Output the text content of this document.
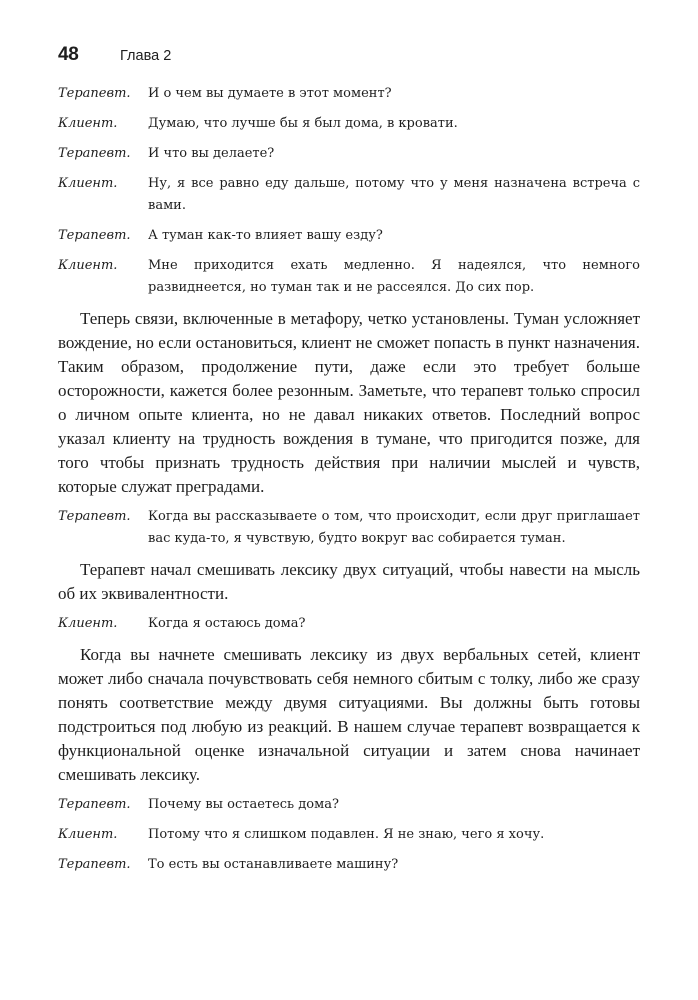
48	Глава 2
Терапевт.	И о чем вы думаете в этот момент?
Клиент.	Думаю, что лучше бы я был дома, в кровати.
Терапевт.	И что вы делаете?
Клиент.	Ну, я все равно еду дальше, потому что у меня назначена встреча с вами.
Терапевт.	А туман как-то влияет вашу езду?
Клиент.	Мне приходится ехать медленно. Я надеялся, что немного развиднеется, но туман так и не рассеялся. До сих пор.

Теперь связи, включенные в метафору, четко установлены. Туман усложняет вождение, но если остановиться, клиент не сможет попасть в пункт назначения. Таким образом, продолжение пути, даже если это требует больше осторожности, кажется более резонным. Заметьте, что терапевт только спросил о личном опыте клиента, но не давал никаких ответов. Последний вопрос указал клиенту на трудность вождения в тумане, что пригодится позже, для того чтобы признать трудность действия при наличии мыслей и чувств, которые служат преградами.

Терапевт.	Когда вы рассказываете о том, что происходит, если друг приглашает вас куда-то, я чувствую, будто вокруг вас собирается туман.

Терапевт начал смешивать лексику двух ситуаций, чтобы навести на мысль об их эквивалентности.

Клиент.	Когда я остаюсь дома?

Когда вы начнете смешивать лексику из двух вербальных сетей, клиент может либо сначала почувствовать себя немного сбитым с толку, либо же сразу понять соответствие между двумя ситуациями. Вы должны быть готовы подстроиться под любую из реакций. В нашем случае терапевт возвращается к функциональной оценке изначальной ситуации и затем снова начинает смешивать лексику.

Терапевт.	Почему вы остаетесь дома?
Клиент.	Потому что я слишком подавлен. Я не знаю, чего я хочу.
Терапевт.	То есть вы останавливаете машину?
